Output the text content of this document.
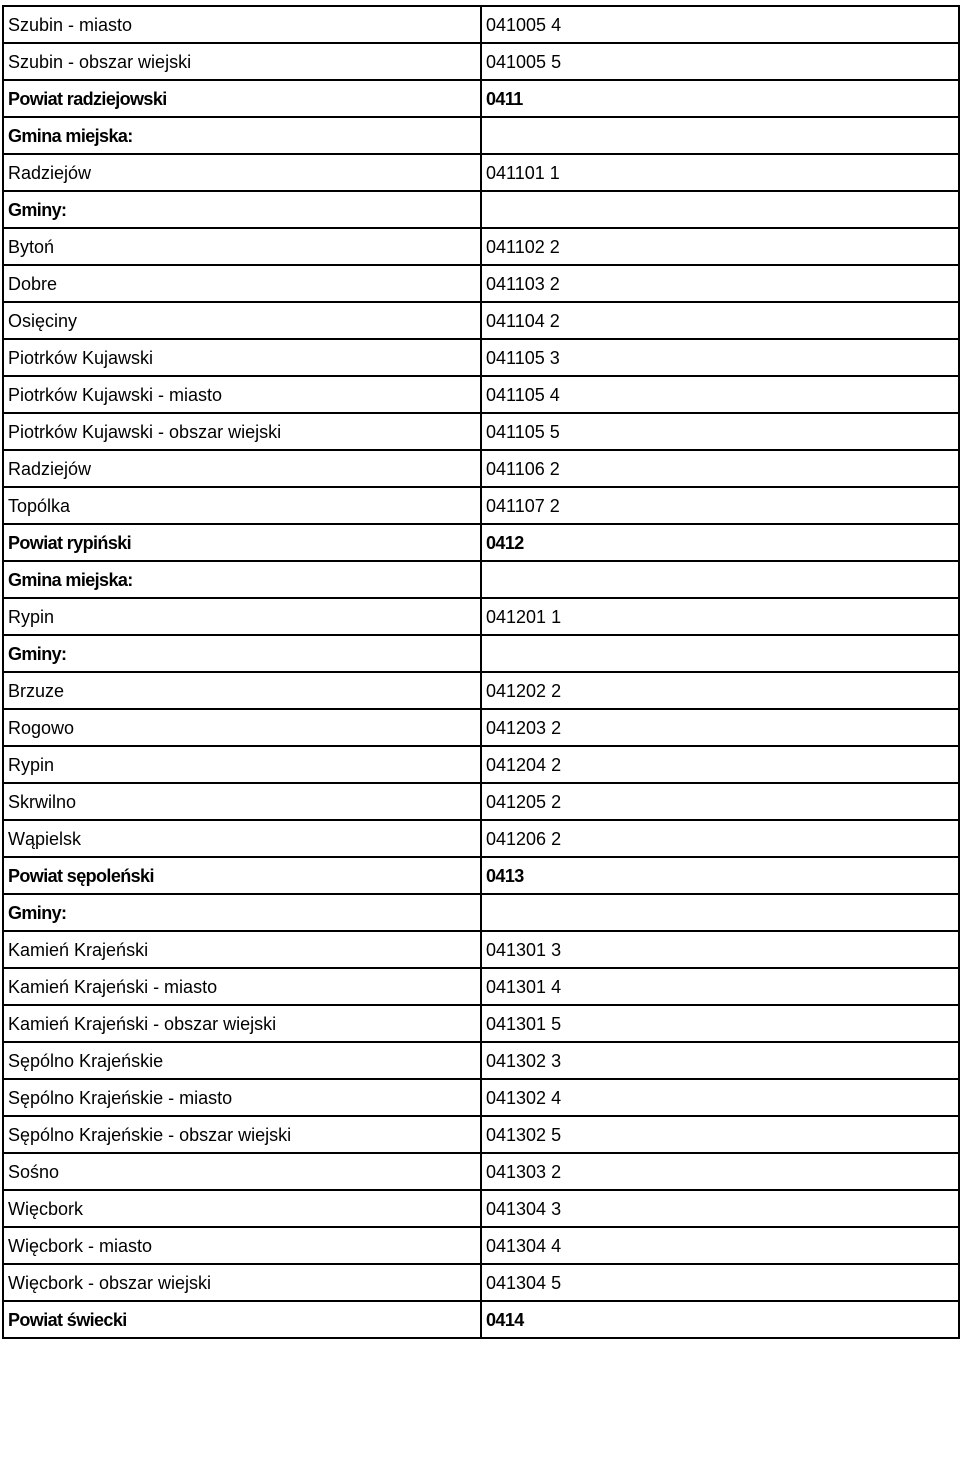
Szubin - miasto	041005 4
Szubin - obszar wiejski	041005 5
Powiat radziejowski	0411
Gmina miejska:	
Radziejów	041101 1
Gminy:	
Bytoń	041102 2
Dobre	041103 2
Osięciny	041104 2
Piotrków Kujawski	041105 3
Piotrków Kujawski - miasto	041105 4
Piotrków Kujawski - obszar wiejski	041105 5
Radziejów	041106 2
Topólka	041107 2
Powiat rypiński	0412
Gmina miejska:	
Rypin	041201 1
Gminy:	
Brzuze	041202 2
Rogowo	041203 2
Rypin	041204 2
Skrwilno	041205 2
Wąpielsk	041206 2
Powiat sępoleński	0413
Gminy:	
Kamień Krajeński	041301 3
Kamień Krajeński - miasto	041301 4
Kamień Krajeński - obszar wiejski	041301 5
Sępólno Krajeńskie	041302 3
Sępólno Krajeńskie - miasto	041302 4
Sępólno Krajeńskie - obszar wiejski	041302 5
Sośno	041303 2
Więcbork	041304 3
Więcbork - miasto	041304 4
Więcbork - obszar wiejski	041304 5
Powiat świecki	0414
